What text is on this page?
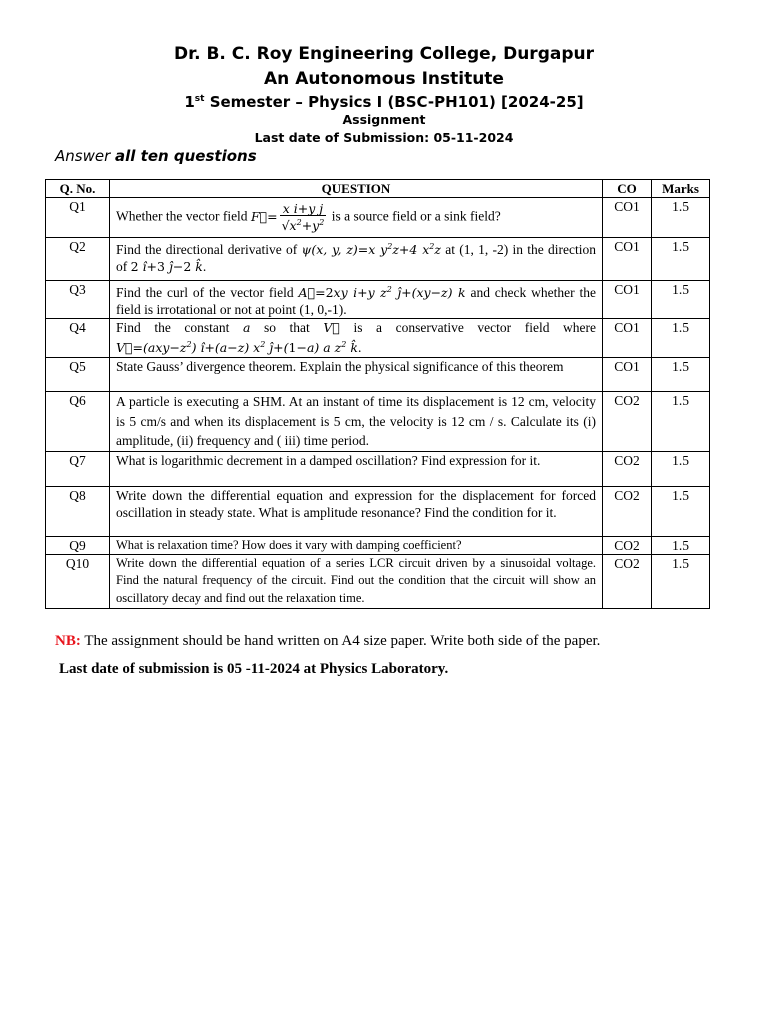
Dr. B. C. Roy Engineering College, Durgapur
An Autonomous Institute
1st Semester – Physics I (BSC-PH101) [2024-25]
Assignment
Last date of Submission: 05-11-2024
Answer all ten questions
Q. No.	QUESTION	CO	Marks
Q1	Whether the vector field F⃗= $\frac{\text{x i+y j}}{√x^2+y^2}$ is a source field or a sink field?	CO1	1.5
Q2	Find the directional derivative of ψ(x, y, z)=x $y^2z+4$ $x^2z$ at (1, 1, -2) in the direction of 2 î+3 ĵ−2 k̂.	CO1	1.5
Q3	Find the curl of the vector field A⃗=2xy i+y $z^2$ ĵ+(xy−z) k and check whether the field is irrotational or not at point (1, 0,-1).	CO1	1.5
Q4	Find the constant a so that V⃗ is a conservative vector field where $V⃗=(axy-z^2)$ î+(a−z) $x^2$ ĵ+(1−a) a $z^2$ k̂.	CO1	1.5
Q5	State Gauss’ divergence theorem. Explain the physical significance of this theorem	CO1	1.5
Q6	A particle is executing a SHM. At an instant of time its displacement is 12 cm, velocity is 5 cm/s and when its displacement is 5 cm, the velocity is 12 cm / s. Calculate its (i) amplitude, (ii) frequency and ( iii) time period.	CO2	1.5
Q7	What is logarithmic decrement in a damped oscillation? Find expression for it.	CO2	1.5
Q8	Write down the differential equation and expression for the displacement for forced oscillation in steady state. What is amplitude resonance? Find the condition for it.	CO2	1.5
Q9	What is relaxation time? How does it vary with damping coefficient?	CO2	1.5
Q10	Write down the differential equation of a series LCR circuit driven by a sinusoidal voltage. Find the natural frequency of the circuit. Find out the condition that the circuit will show an oscillatory decay and find out the relaxation time.	CO2	1.5
NB: The assignment should be hand written on A4 size paper. Write both side of the paper.
Last date of submission is 05 -11-2024 at Physics Laboratory.
